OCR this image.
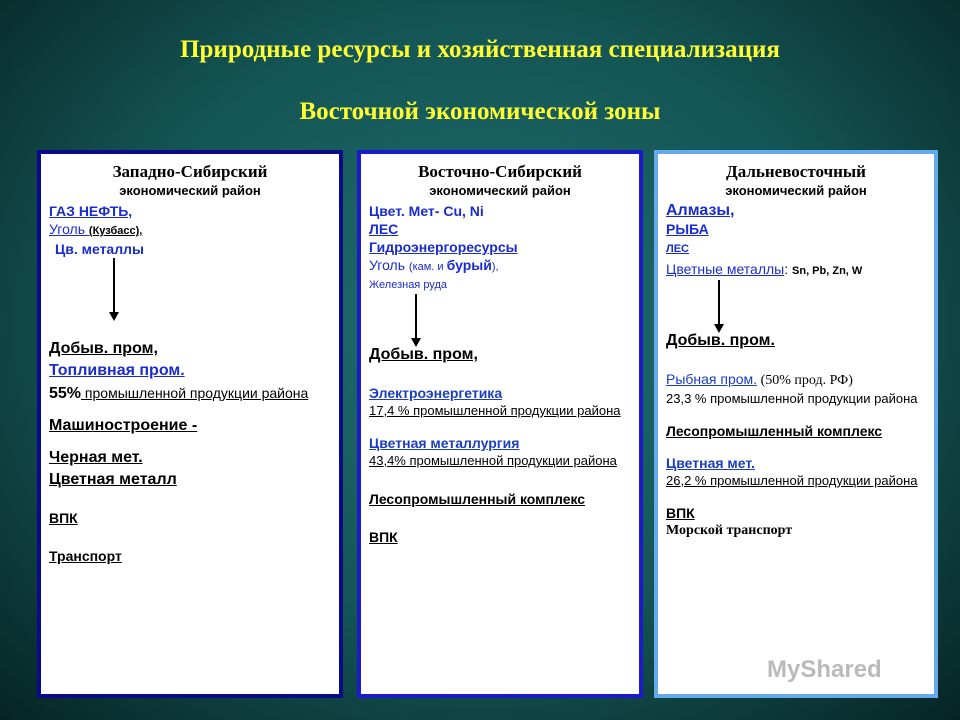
Природные ресурсы и хозяйственная специализация
Восточной экономической зоны
Западно-Сибирский
экономический район
ГАЗ НЕФТЬ,
Уголь (Кузбасс),
Цв. металлы
Добыв. пром,
Топливная пром.
55% промышленной продукции района
Машиностроение -
Черная мет.
Цветная металл
ВПК
Транспорт
Восточно-Сибирский
экономический район
Цвет. Мет- Cu, Ni
ЛЕС
Гидроэнергоресурсы
Уголь (кам. и бурый),
Железная руда
Добыв. пром,
Электроэнергетика
17,4 % промышленной продукции района
Цветная металлургия
43,4% промышленной продукции района
Лесопромышленный комплекс
ВПК
Дальневосточный
экономический район
Алмазы,
РЫБА
ЛЕС
Цветные металлы: Sn, Pb, Zn, W
Добыв. пром.
Рыбная пром. (50% прод. РФ)
23,3 % промышленной продукции района
Лесопромышленный комплекс
Цветная мет.
26,2 % промышленной продукции района
ВПК
Морской транспорт
MyShared
